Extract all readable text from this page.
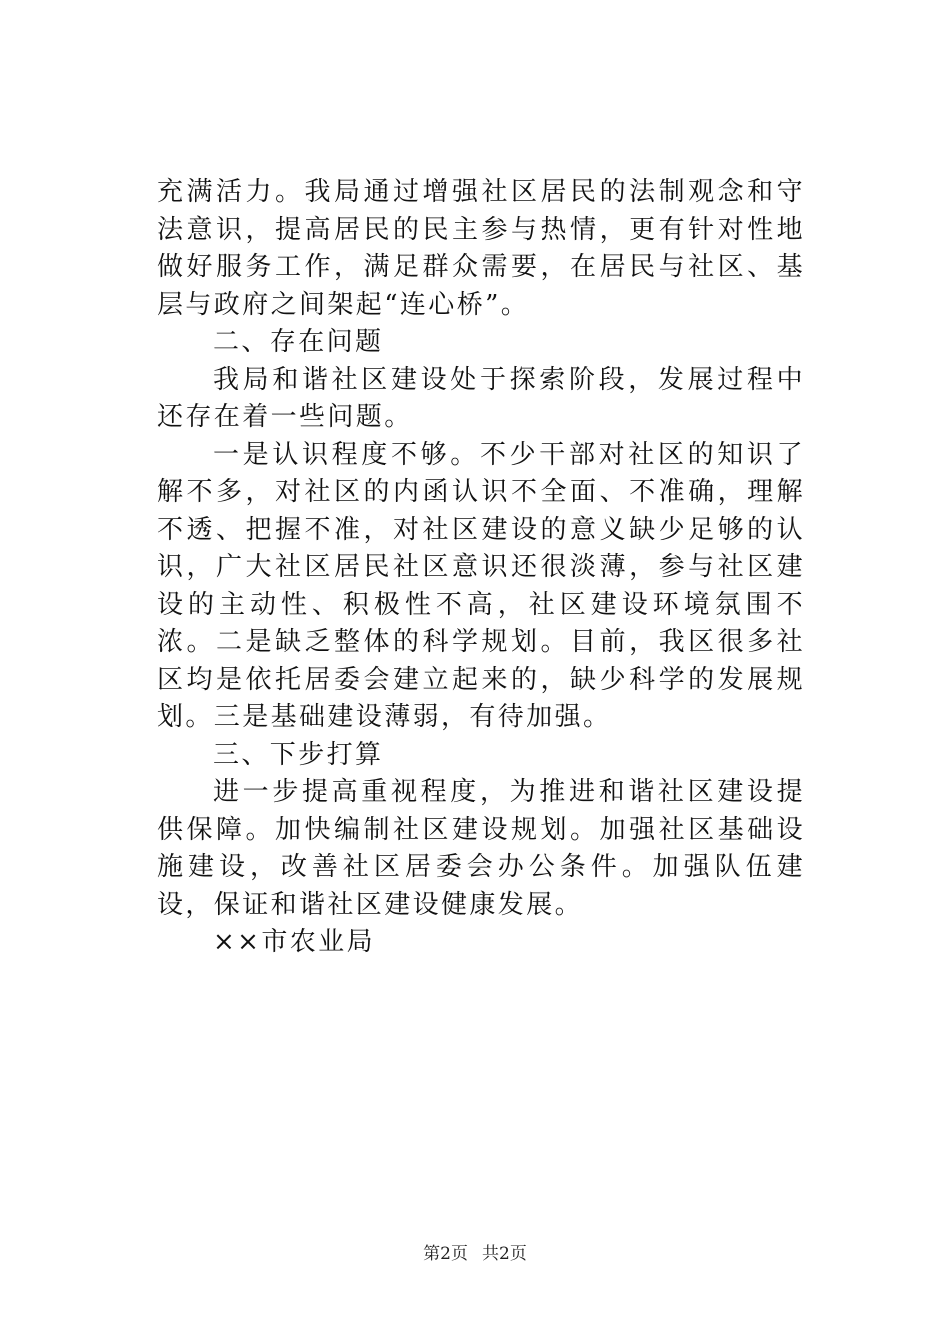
充满活力。我局通过增强社区居民的法制观念和守法意识，提高居民的民主参与热情，更有针对性地做好服务工作，满足群众需要，在居民与社区、基层与政府之间架起“连心桥”。

二、存在问题

我局和谐社区建设处于探索阶段，发展过程中还存在着一些问题。

一是认识程度不够。不少干部对社区的知识了解不多，对社区的内函认识不全面、不准确，理解不透、把握不准，对社区建设的意义缺少足够的认识，广大社区居民社区意识还很淡薄，参与社区建设的主动性、积极性不高，社区建设环境氛围不浓。二是缺乏整体的科学规划。目前，我区很多社区均是依托居委会建立起来的，缺少科学的发展规划。三是基础建设薄弱，有待加强。

三、下步打算

进一步提高重视程度，为推进和谐社区建设提供保障。加快编制社区建设规划。加强社区基础设施建设，改善社区居委会办公条件。加强队伍建设，保证和谐社区建设健康发展。

××市农业局

第2页 共2页
